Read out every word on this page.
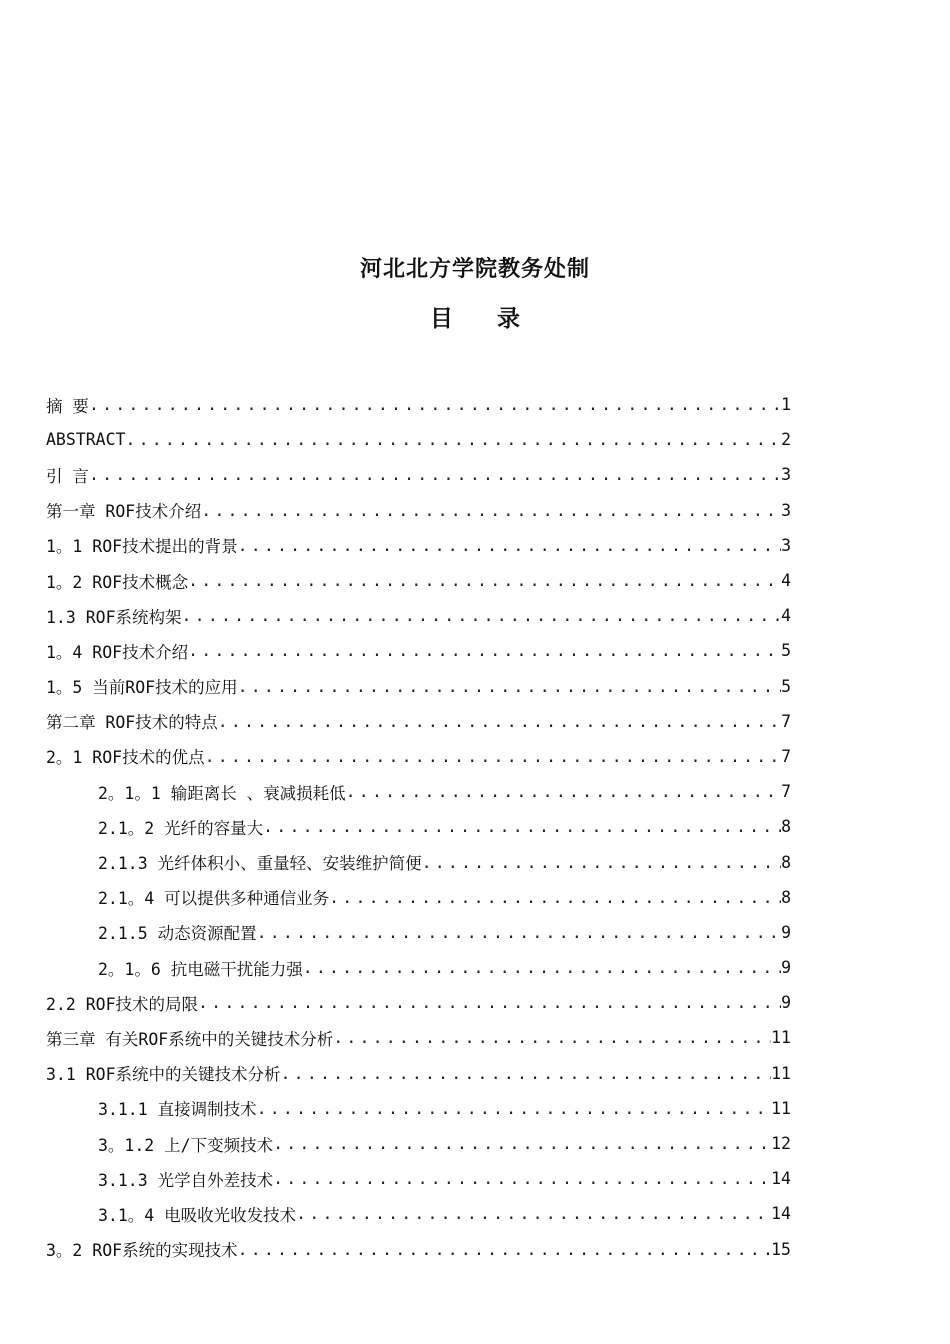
河北北方学院教务处制
目 录
摘 要 .....	1
ABSTRACT .....	2
引 言 .....	3
第一章 ROF技术介绍 .....	3
1。1 ROF技术提出的背景 .....	3
1。2 ROF技术概念 .....	4
1.3 ROF系统构架 .....	4
1。4 ROF技术介绍 .....	5
1。5 当前ROF技术的应用 .....	5
第二章 ROF技术的特点 .....	7
2。1 ROF技术的优点 .....	7
2。1。1 输距离长 、衰减损耗低 .....	7
2.1。2 光纤的容量大 .....	8
2.1.3 光纤体积小、重量轻、安装维护简便 .....	8
2.1。4 可以提供多种通信业务 .....	8
2.1.5 动态资源配置 .....	9
2。1。6 抗电磁干扰能力强 .....	9
2.2 ROF技术的局限 .....	9
第三章 有关ROF系统中的关键技术分析 .....	11
3.1 ROF系统中的关键技术分析 .....	11
3.1.1 直接调制技术 .....	11
3。1.2 上/下变频技术 .....	12
3.1.3 光学自外差技术 .....	14
3.1。4 电吸收光收发技术 .....	14
3。2 ROF系统的实现技术 .....	15
